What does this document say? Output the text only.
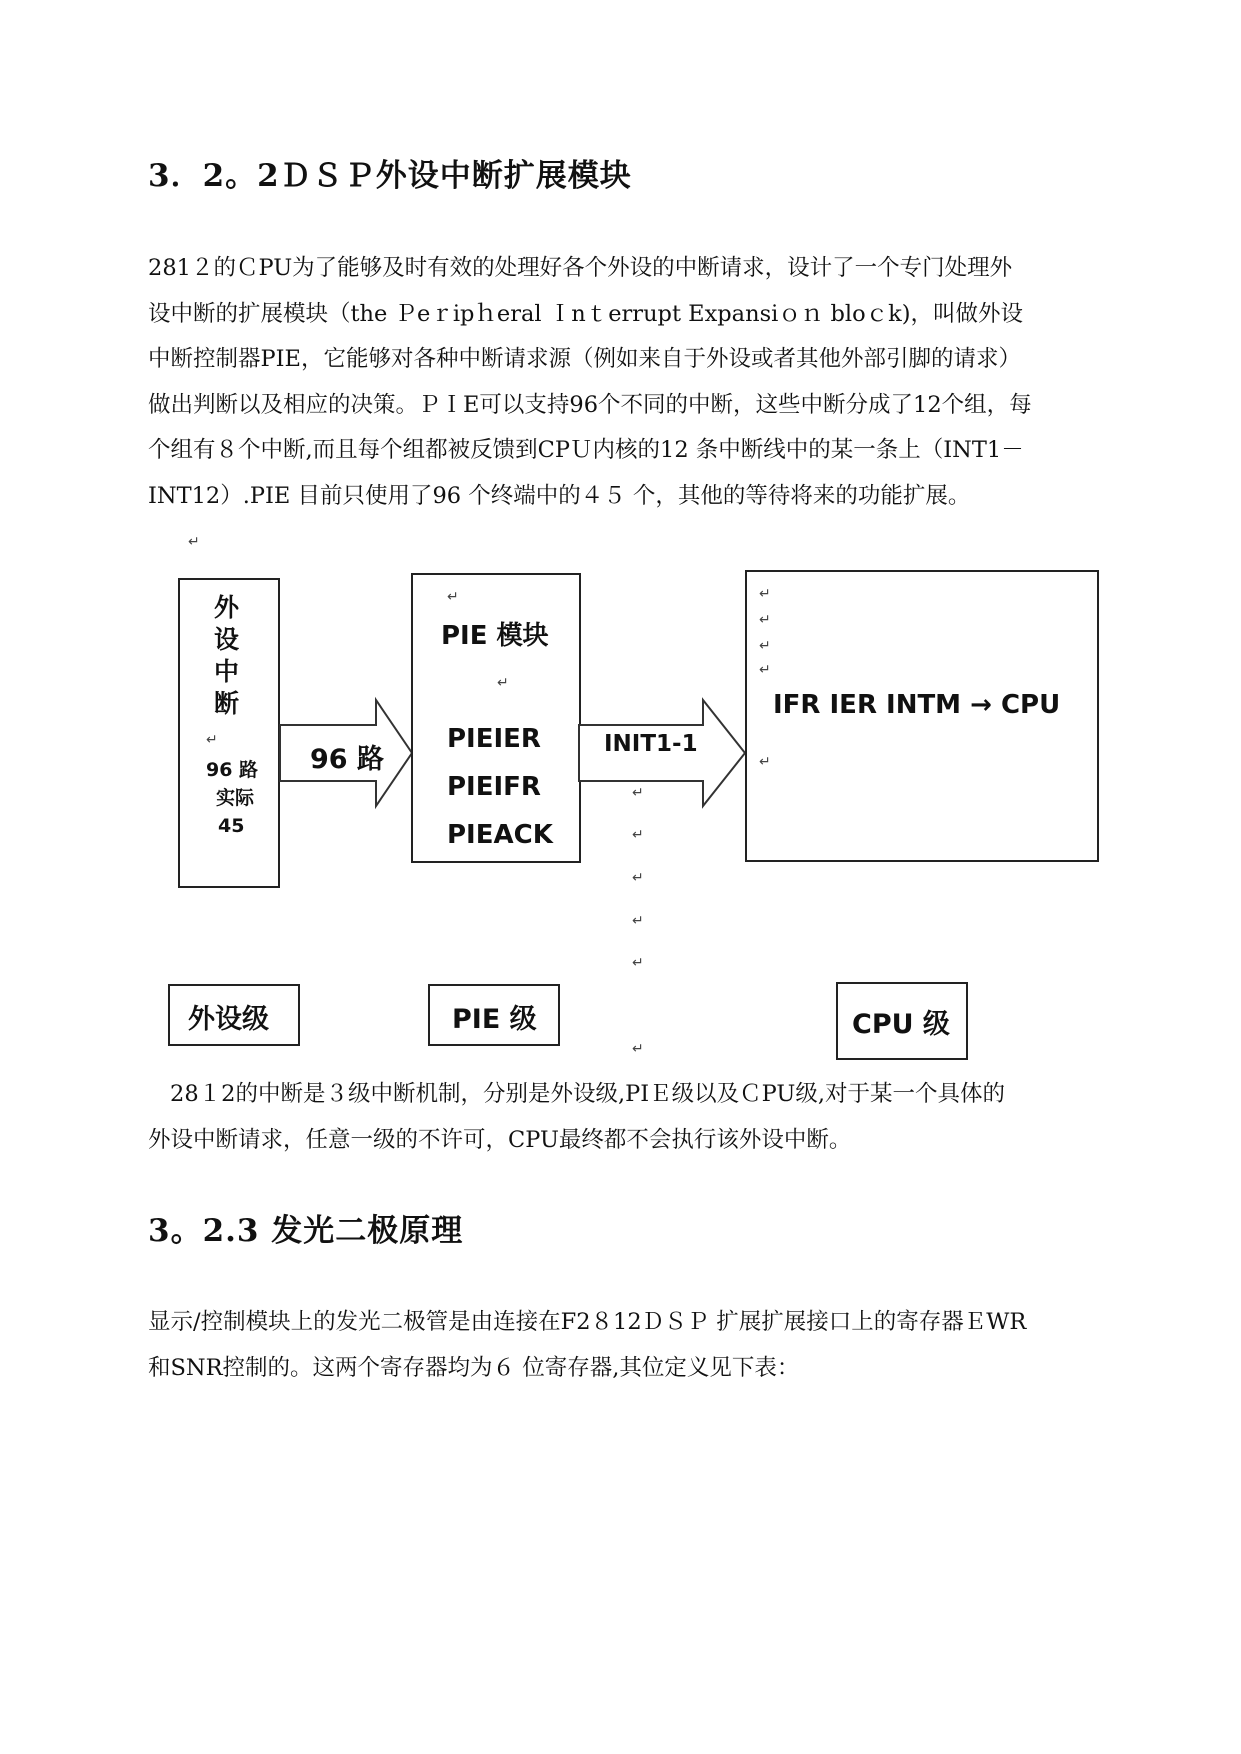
3．2。2ＤＳＰ外设中断扩展模块

281２的ＣPU为了能够及时有效的处理好各个外设的中断请求，设计了一个专门处理外

设中断的扩展模块（the Ｐeｒipｈeral Ｉnｔerrupt Expansiｏｎ bloｃk)，叫做外设

中断控制器PIE，它能够对各种中断请求源（例如来自于外设或者其他外部引脚的请求）

做出判断以及相应的决策。ＰＩE可以支持96个不同的中断，这些中断分成了12个组，每

个组有８个中断,而且每个组都被反馈到CPＵ内核的12 条中断线中的某一条上（INT1－

INT12）.PIE 目前只使用了96 个终端中的４５ 个，其他的等待将来的功能扩展。

↵
外
设
中
断
↵
96 路
实际
45
96 路
↵
PIE 模块
↵
PIEIER
PIEIFR
PIEACK
INIT1-1
↵
↵
↵
↵
IFR IER INTM → CPU
↵
↵
↵
↵
↵
↵
↵
外设级	PIE 级	CPU 级

28１2的中断是３级中断机制，分别是外设级,PIＥ级以及ＣPU级,对于某一个具体的

外设中断请求，任意一级的不许可，CPU最终都不会执行该外设中断。

3。2.3 发光二极原理

显示/控制模块上的发光二极管是由连接在F2８12ＤＳＰ 扩展扩展接口上的寄存器ＥWR

和SNR控制的。这两个寄存器均为６ 位寄存器,其位定义见下表：
